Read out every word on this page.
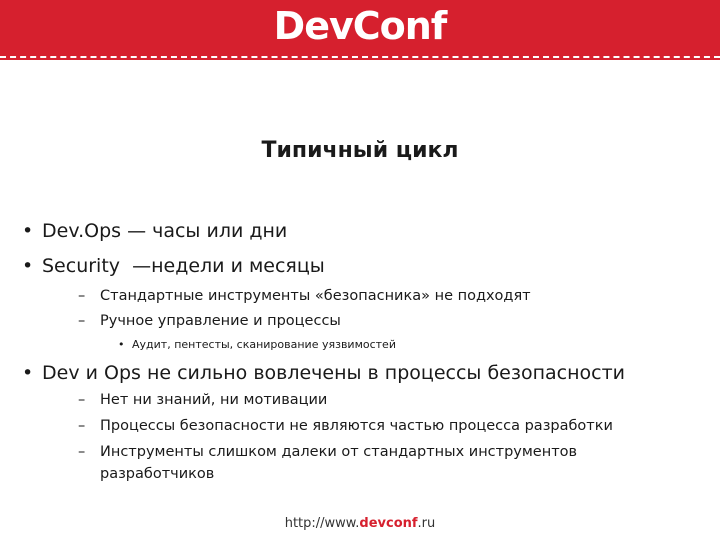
DevConf
Типичный цикл
• Dev.Ops — часы или дни
• Security  —недели и месяцы
– Стандартные инструменты «безопасника» не подходят
– Ручное управление и процессы
• Аудит, пентесты, сканирование уязвимостей
• Dev и Ops не сильно вовлечены в процессы безопасности
– Нет ни знаний, ни мотивации
– Процессы безопасности не являются частью процесса разработки
– Инструменты слишком далеки от стандартных инструментов
разработчиков
http://www.devconf.ru
